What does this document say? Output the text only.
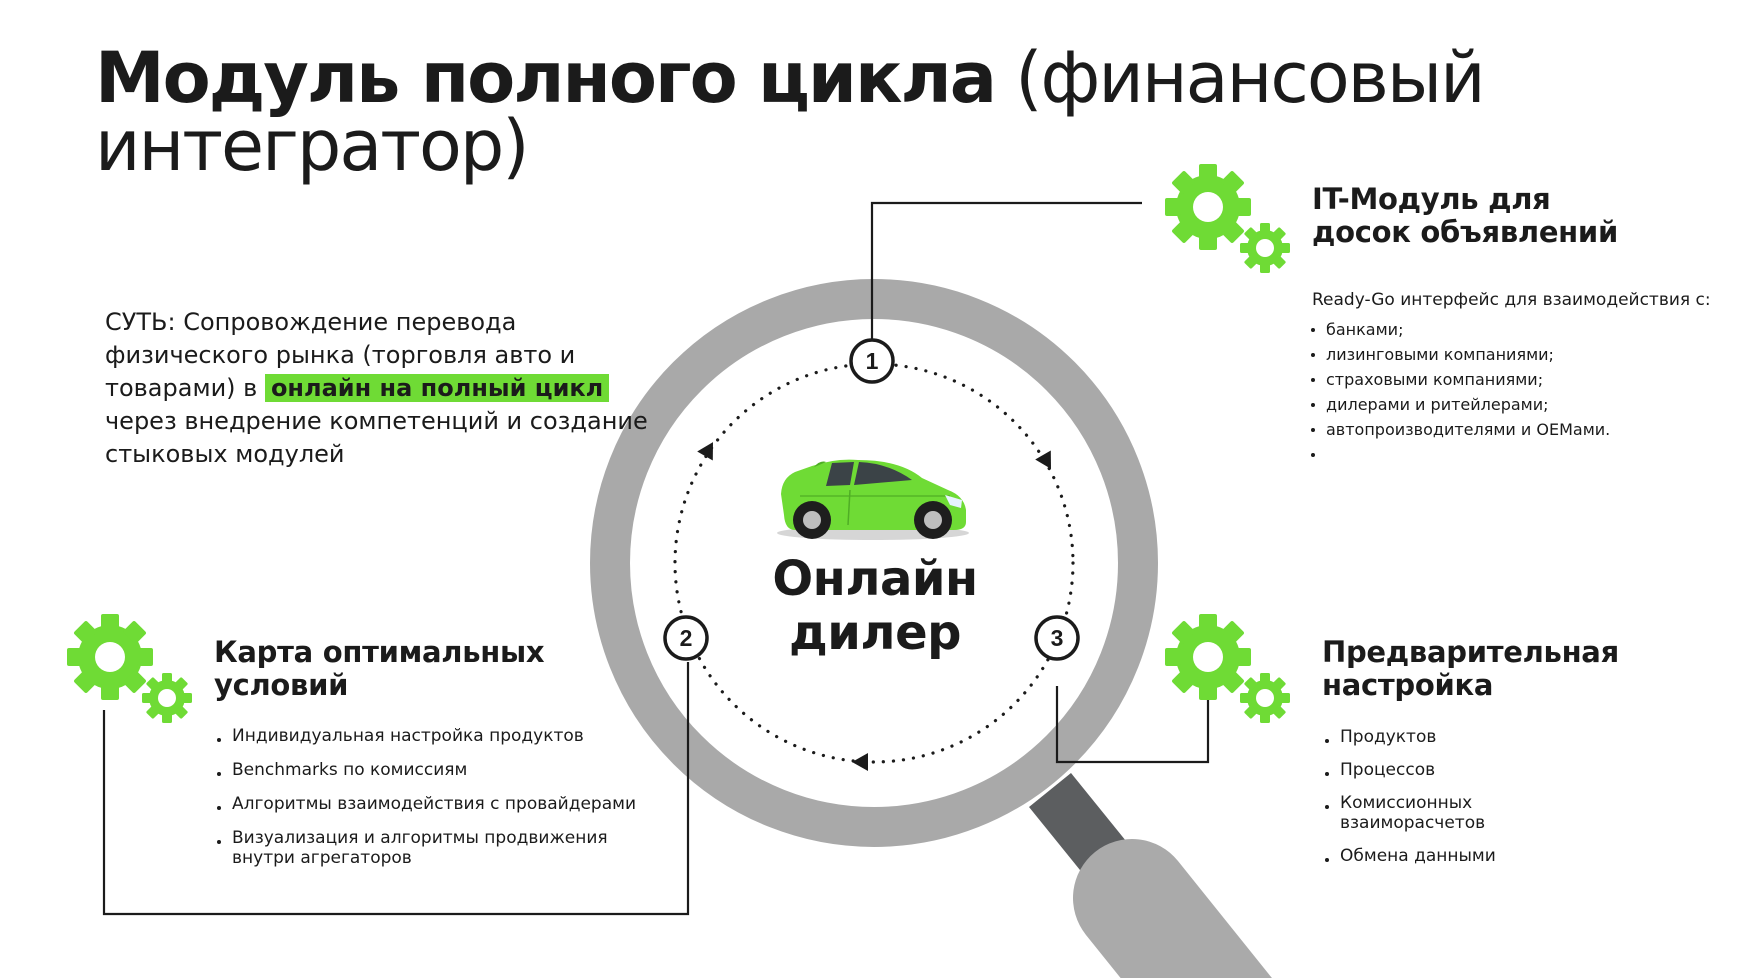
1
2	3
Модуль полного цикла (финансовый интегратор)
СУТЬ: Сопровождение перевода физического рынка (торговля авто и товарами) в онлайн на полный цикл через внедрение компетенций и создание стыковых модулей
Онлайн
дилер
IT-Модуль для досок объявлений
Ready-Go интерфейс для взаимодействия с:
банками;
лизинговыми компаниями;
страховыми компаниями;
дилерами и ритейлерами;
автопроизводителями и OEMами.
Карта оптимальных условий
Индивидуальная настройка продуктов
Benchmarks по комиссиям
Алгоритмы взаимодействия с провайдерами
Визуализация и алгоритмы продвижения внутри агрегаторов
Предварительная настройка
Продуктов
Процессов
Комиссионных взаиморасчетов
Обмена данными
